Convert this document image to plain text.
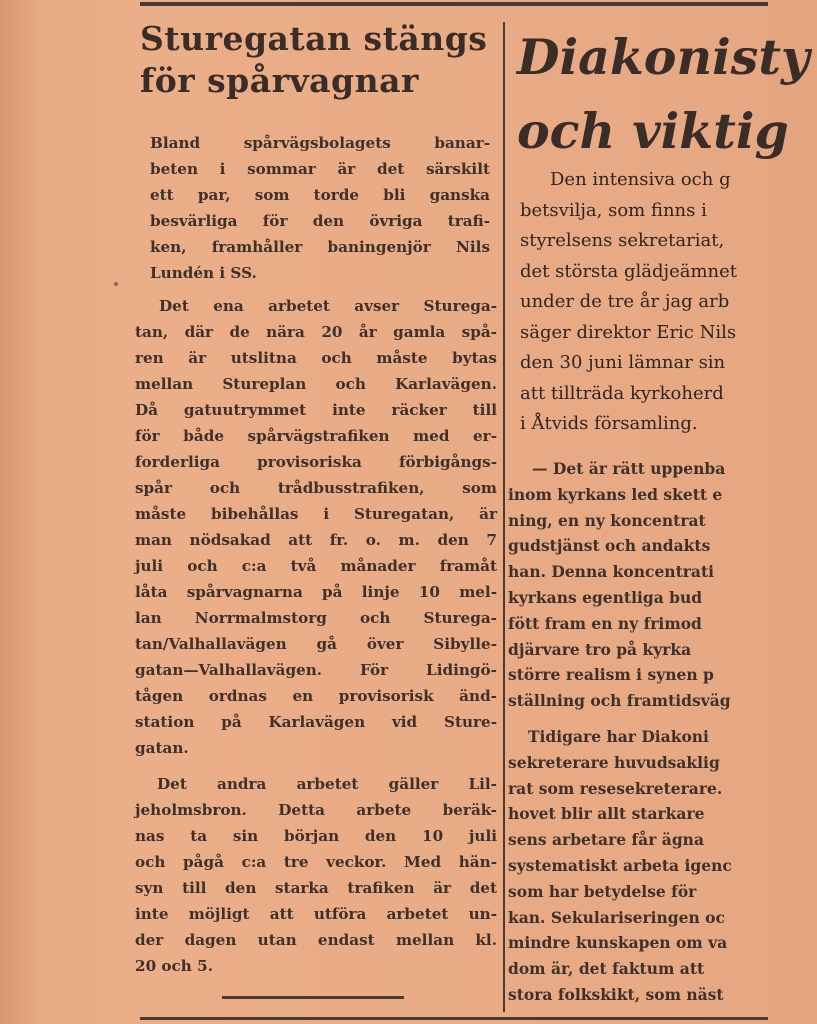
Sturegatan stängs
för spårvagnar
Bland spårvägsbolagets banar-
beten i sommar är det särskilt
ett par, som torde bli ganska
besvärliga för den övriga trafi-
ken, framhåller baningenjör Nils
Lundén i SS.
Det ena arbetet avser Sturega-
tan, där de nära 20 år gamla spå-
ren är utslitna och måste bytas
mellan Stureplan och Karlavägen.
Då gatuutrymmet inte räcker till
för både spårvägstrafiken med er-
forderliga provisoriska förbigångs-
spår och trådbusstrafiken, som
måste bibehållas i Sturegatan, är
man nödsakad att fr. o. m. den 7
juli och c:a två månader framåt
låta spårvagnarna på linje 10 mel-
lan Norrmalmstorg och Sturega-
tan/Valhallavägen gå över Sibylle-
gatan—Valhallavägen. För Lidingö-
tågen ordnas en provisorisk änd-
station på Karlavägen vid Sture-
gatan.
Det andra arbetet gäller Lil-
jeholmsbron. Detta arbete beräk-
nas ta sin början den 10 juli
och pågå c:a tre veckor. Med hän-
syn till den starka trafiken är det
inte möjligt att utföra arbetet un-
der dagen utan endast mellan kl.
20 och 5.
Diakonisty
och viktig
Den intensiva och g
betsvilja, som finns i
styrelsens sekretariat,
det största glädjeämnet
under de tre år jag arb
säger direktor Eric Nils
den 30 juni lämnar sin
att tillträda kyrkoherd
i Åtvids församling.
— Det är rätt uppenba
inom kyrkans led skett e
ning, en ny koncentrat
gudstjänst och andakts
han. Denna koncentrati
kyrkans egentliga bud
fött fram en ny frimod
djärvare tro på kyrka
större realism i synen p
ställning och framtidsväg
Tidigare har Diakoni
sekreterare huvudsaklig
rat som resesekreterare.
hovet blir allt starkare
sens arbetare får ägna
systematiskt arbeta igenc
som har betydelse för
kan. Sekulariseringen oc
mindre kunskapen om va
dom är, det faktum att
stora folkskikt, som näst
